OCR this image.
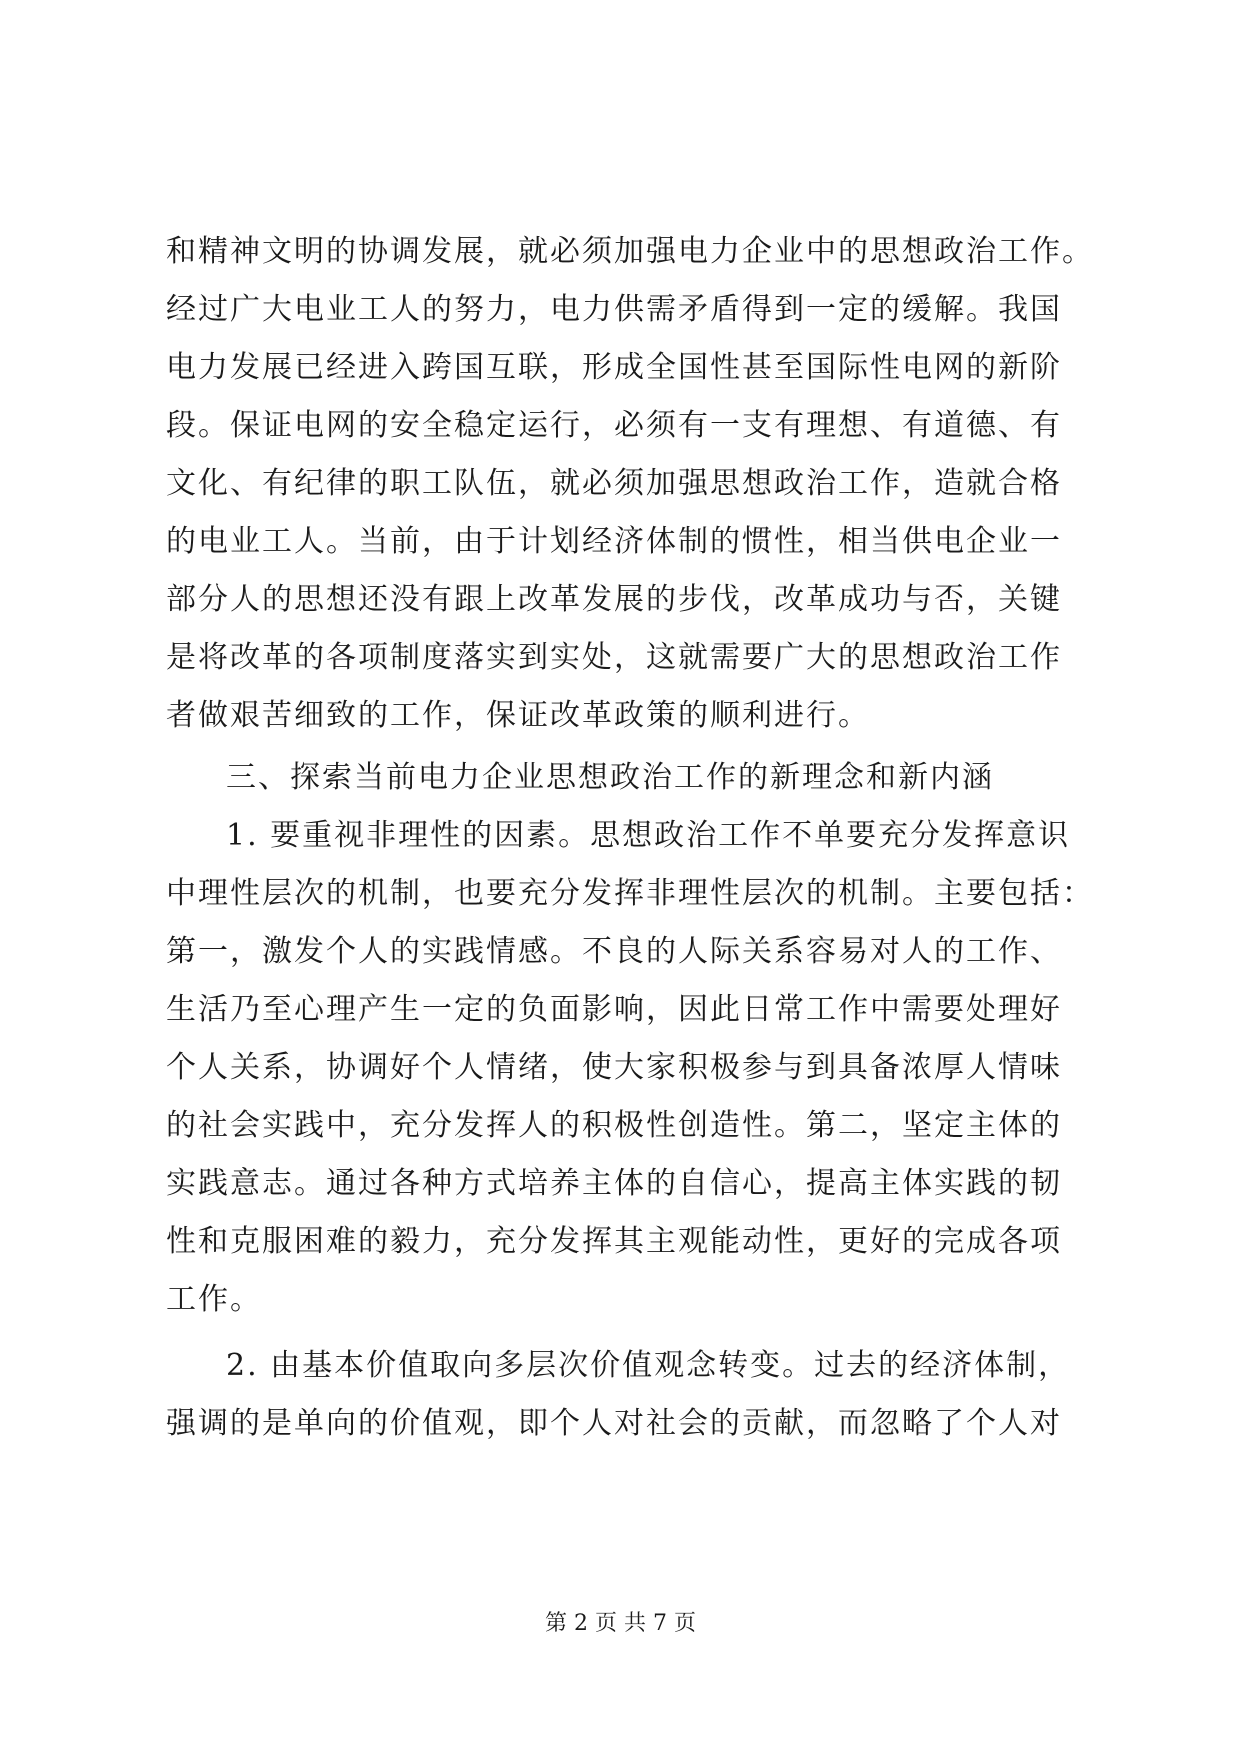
和精神文明的协调发展，就必须加强电力企业中的思想政治工作。
经过广大电业工人的努力，电力供需矛盾得到一定的缓解。我国
电力发展已经进入跨国互联，形成全国性甚至国际性电网的新阶
段。保证电网的安全稳定运行，必须有一支有理想、有道德、有
文化、有纪律的职工队伍，就必须加强思想政治工作，造就合格
的电业工人。当前，由于计划经济体制的惯性，相当供电企业一
部分人的思想还没有跟上改革发展的步伐，改革成功与否，关键
是将改革的各项制度落实到实处，这就需要广大的思想政治工作
者做艰苦细致的工作，保证改革政策的顺利进行。
三、探索当前电力企业思想政治工作的新理念和新内涵
1. 要重视非理性的因素。思想政治工作不单要充分发挥意识
中理性层次的机制，也要充分发挥非理性层次的机制。主要包括：
第一，激发个人的实践情感。不良的人际关系容易对人的工作、
生活乃至心理产生一定的负面影响，因此日常工作中需要处理好
个人关系，协调好个人情绪，使大家积极参与到具备浓厚人情味
的社会实践中，充分发挥人的积极性创造性。第二，坚定主体的
实践意志。通过各种方式培养主体的自信心，提高主体实践的韧
性和克服困难的毅力，充分发挥其主观能动性，更好的完成各项
工作。
2. 由基本价值取向多层次价值观念转变。过去的经济体制，
强调的是单向的价值观，即个人对社会的贡献，而忽略了个人对
第 2 页 共 7 页
